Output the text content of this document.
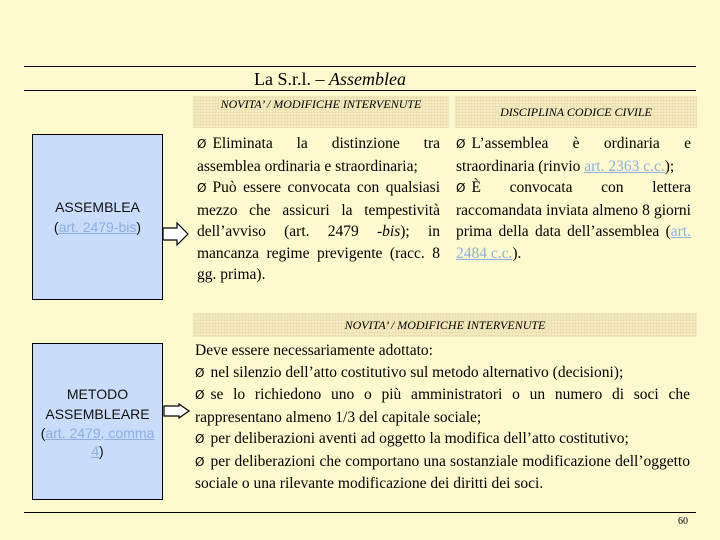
La S.r.l. – Assemblea
NOVITA’ / MODIFICHE INTERVENUTE
DISCIPLINA CODICE CIVILE
ASSEMBLEA
(art. 2479-bis)

Ø Eliminata la distinzione tra assemblea ordinaria e straordinaria;

Ø Può essere convocata con qualsiasi mezzo che assicuri la tempestività dell’avviso (art. 2479 -bis); in mancanza regime previgente (racc. 8 gg. prima).

Ø L’assemblea è ordinaria e straordinaria (rinvio art. 2363 c.c.);

Ø È convocata con lettera raccomandata inviata almeno 8 giorni prima della data dell’assemblea (art. 2484 c.c.).

NOVITA’ / MODIFICHE INTERVENUTE
METODO
ASSEMBLEARE
(art. 2479, comma
4)

Deve essere necessariamente adottato:

Ø nel silenzio dell’atto costitutivo sul metodo alternativo (decisioni);

Ø se lo richiedono uno o più amministratori o un numero di soci che rappresentano almeno 1/3 del capitale sociale;

Ø per deliberazioni aventi ad oggetto la modifica dell’atto costitutivo;

Ø per deliberazioni che comportano una sostanziale modificazione dell’oggetto sociale o una rilevante modificazione dei diritti dei soci.

60
